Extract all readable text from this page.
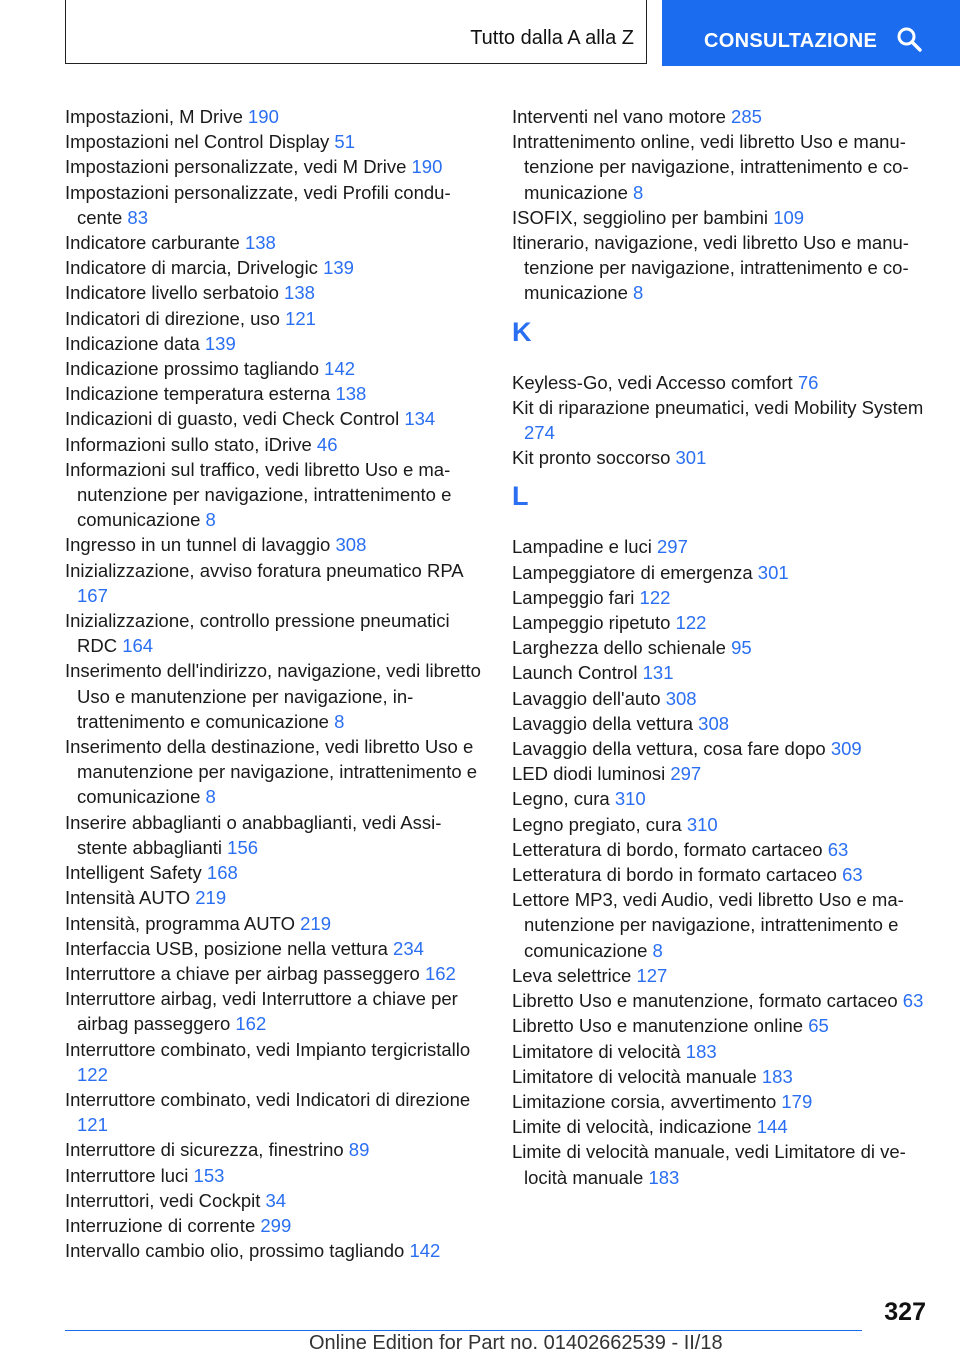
Tutto dalla A alla Z	CONSULTAZIONE
Impostazioni, M Drive 190
Impostazioni nel Control Display 51
Impostazioni personalizzate, vedi M Drive 190
Impostazioni personalizzate, vedi Profili conducente 83
Indicatore carburante 138
Indicatore di marcia, Drivelogic 139
Indicatore livello serbatoio 138
Indicatori di direzione, uso 121
Indicazione data 139
Indicazione prossimo tagliando 142
Indicazione temperatura esterna 138
Indicazioni di guasto, vedi Check Control 134
Informazioni sullo stato, iDrive 46
Informazioni sul traffico, vedi libretto Uso e manutenzione per navigazione, intrattenimento e comunicazione 8
Ingresso in un tunnel di lavaggio 308
Inizializzazione, avviso foratura pneumatico RPA 167
Inizializzazione, controllo pressione pneumatici RDC 164
Inserimento dell'indirizzo, navigazione, vedi libretto Uso e manutenzione per navigazione, intrattenimento e comunicazione 8
Inserimento della destinazione, vedi libretto Uso e manutenzione per navigazione, intrattenimento e comunicazione 8
Inserire abbaglianti o anabbaglianti, vedi Assistente abbaglianti 156
Intelligent Safety 168
Intensità AUTO 219
Intensità, programma AUTO 219
Interfaccia USB, posizione nella vettura 234
Interruttore a chiave per airbag passeggero 162
Interruttore airbag, vedi Interruttore a chiave per airbag passeggero 162
Interruttore combinato, vedi Impianto tergicristallo 122
Interruttore combinato, vedi Indicatori di direzione 121
Interruttore di sicurezza, finestrino 89
Interruttore luci 153
Interruttori, vedi Cockpit 34
Interruzione di corrente 299
Intervallo cambio olio, prossimo tagliando 142
Interventi nel vano motore 285
Intrattenimento online, vedi libretto Uso e manutenzione per navigazione, intrattenimento e comunicazione 8
ISOFIX, seggiolino per bambini 109
Itinerario, navigazione, vedi libretto Uso e manutenzione per navigazione, intrattenimento e comunicazione 8
K
Keyless-Go, vedi Accesso comfort 76
Kit di riparazione pneumatici, vedi Mobility System 274
Kit pronto soccorso 301
L
Lampadine e luci 297
Lampeggiatore di emergenza 301
Lampeggio fari 122
Lampeggio ripetuto 122
Larghezza dello schienale 95
Launch Control 131
Lavaggio dell'auto 308
Lavaggio della vettura 308
Lavaggio della vettura, cosa fare dopo 309
LED diodi luminosi 297
Legno, cura 310
Legno pregiato, cura 310
Letteratura di bordo, formato cartaceo 63
Letteratura di bordo in formato cartaceo 63
Lettore MP3, vedi Audio, vedi libretto Uso e manutenzione per navigazione, intrattenimento e comunicazione 8
Leva selettrice 127
Libretto Uso e manutenzione, formato cartaceo 63
Libretto Uso e manutenzione online 65
Limitatore di velocità 183
Limitatore di velocità manuale 183
Limitazione corsia, avvertimento 179
Limite di velocità, indicazione 144
Limite di velocità manuale, vedi Limitatore di velocità manuale 183
327
Online Edition for Part no. 01402662539 - II/18
